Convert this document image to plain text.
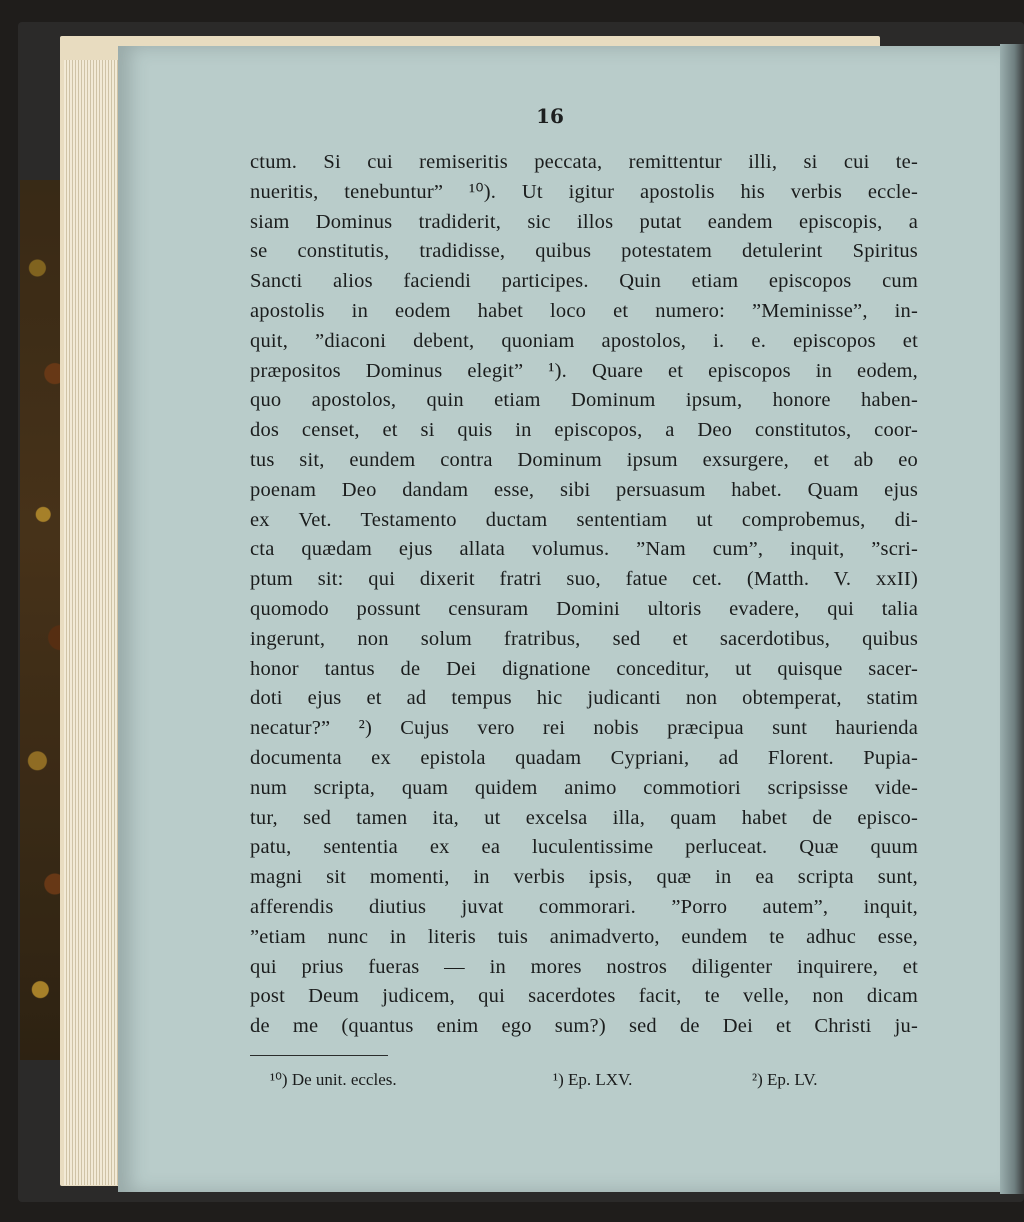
16
ctum. Si cui remiseritis peccata, remittentur illi, si cui te-
nueritis, tenebuntur” ¹⁰). Ut igitur apostolis his verbis eccle-
siam Dominus tradiderit, sic illos putat eandem episcopis, a
se constitutis, tradidisse, quibus potestatem detulerint Spiritus
Sancti alios faciendi participes. Quin etiam episcopos cum
apostolis in eodem habet loco et numero: ”Meminisse”, in-
quit, ”diaconi debent, quoniam apostolos, i. e. episcopos et
præpositos Dominus elegit” ¹). Quare et episcopos in eodem,
quo apostolos, quin etiam Dominum ipsum, honore haben-
dos censet, et si quis in episcopos, a Deo constitutos, coor-
tus sit, eundem contra Dominum ipsum exsurgere, et ab eo
poenam Deo dandam esse, sibi persuasum habet. Quam ejus
ex Vet. Testamento ductam sententiam ut comprobemus, di-
cta quædam ejus allata volumus. ”Nam cum”, inquit, ”scri-
ptum sit: qui dixerit fratri suo, fatue cet. (Matth. V. xxII)
quomodo possunt censuram Domini ultoris evadere, qui talia
ingerunt, non solum fratribus, sed et sacerdotibus, quibus
honor tantus de Dei dignatione conceditur, ut quisque sacer-
doti ejus et ad tempus hic judicanti non obtemperat, statim
necatur?” ²) Cujus vero rei nobis præcipua sunt haurienda
documenta ex epistola quadam Cypriani, ad Florent. Pupia-
num scripta, quam quidem animo commotiori scripsisse vide-
tur, sed tamen ita, ut excelsa illa, quam habet de episco-
patu, sententia ex ea luculentissime perluceat. Quæ quum
magni sit momenti, in verbis ipsis, quæ in ea scripta sunt,
afferendis diutius juvat commorari. ”Porro autem”, inquit,
”etiam nunc in literis tuis animadverto, eundem te adhuc esse,
qui prius fueras — in mores nostros diligenter inquirere, et
post Deum judicem, qui sacerdotes facit, te velle, non dicam
de me (quantus enim ego sum?) sed de Dei et Christi ju-
¹⁰) De unit. eccles.	¹) Ep. LXV.	²) Ep. LV.
